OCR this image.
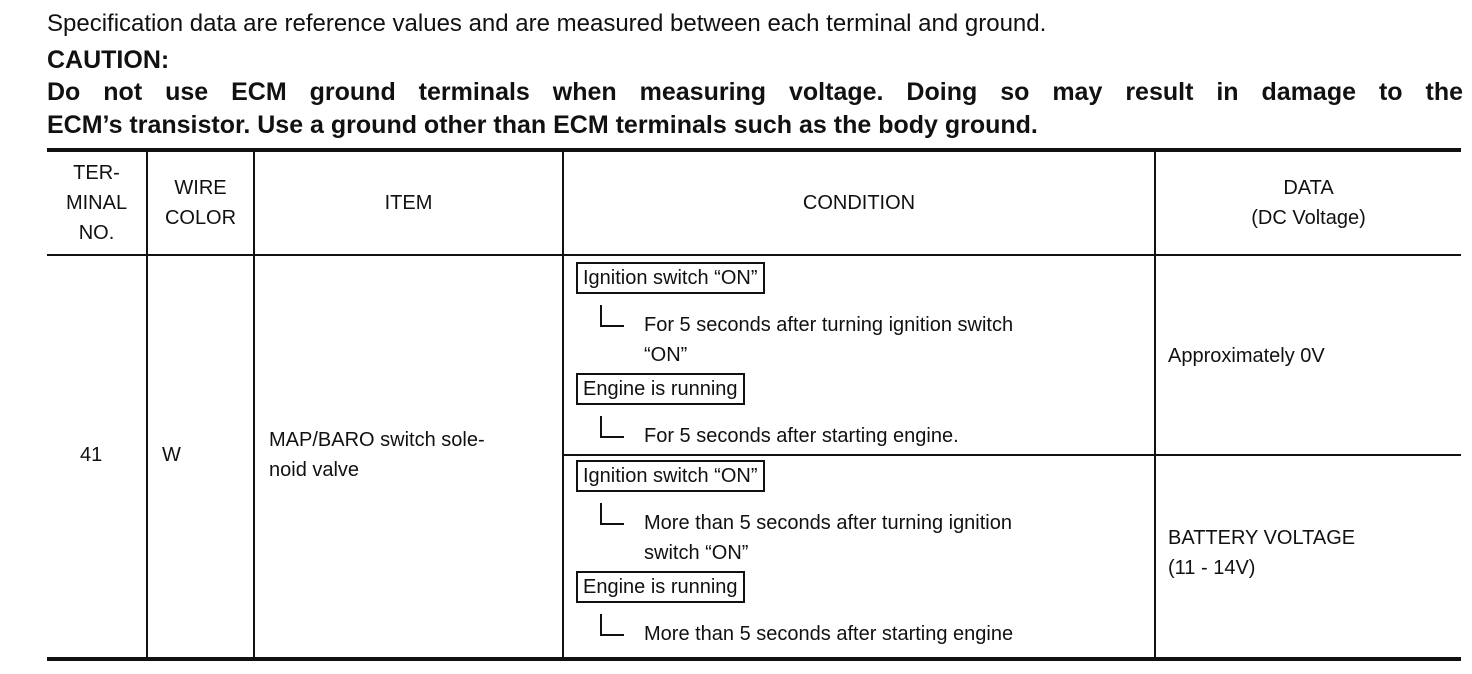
Specification data are reference values and are measured between each terminal and ground.
CAUTION:
Do not use ECM ground terminals when measuring voltage. Doing so may result in damage to the
ECM’s transistor. Use a ground other than ECM terminals such as the body ground.
TER-
MINAL
NO.
WIRE
COLOR
ITEM	CONDITION
DATA
(DC Voltage)
41	W
MAP/BARO switch sole-
noid valve
Ignition switch “ON”
For 5 seconds after turning ignition switch
“ON”
Engine is running
For 5 seconds after starting engine.
Approximately 0V
Ignition switch “ON”
More than 5 seconds after turning ignition
switch “ON”
Engine is running
More than 5 seconds after starting engine
BATTERY VOLTAGE
(11 - 14V)
